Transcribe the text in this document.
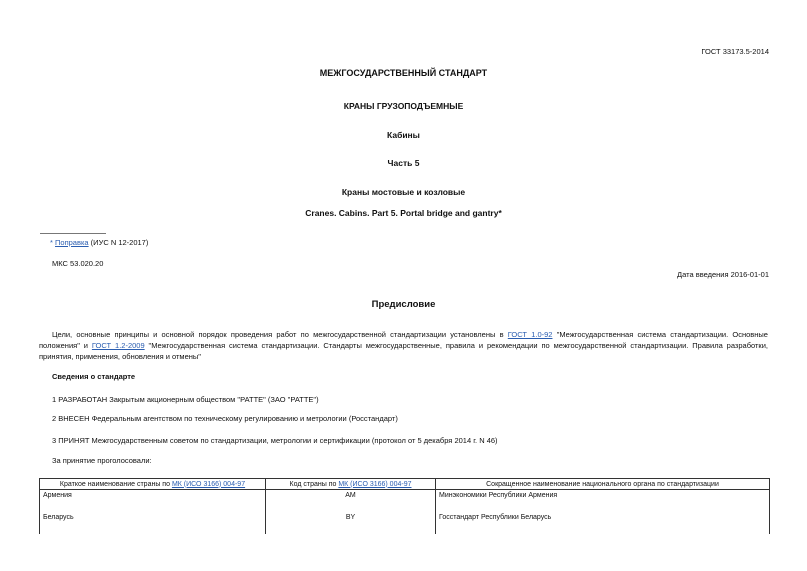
ГОСТ 33173.5-2014
МЕЖГОСУДАРСТВЕННЫЙ СТАНДАРТ
КРАНЫ ГРУЗОПОДЪЕМНЫЕ
Кабины
Часть 5
Краны мостовые и козловые
Cranes. Cabins. Part 5. Portal bridge and gantry*
* Поправка (ИУС N 12-2017)
МКС 53.020.20
Дата введения 2016-01-01
Предисловие
Цели, основные принципы и основной порядок проведения работ по межгосударственной стандартизации установлены в ГОСТ 1.0-92 "Межгосударственная система стандартизации. Основные положения" и ГОСТ 1.2-2009 "Межгосударственная система стандартизации. Стандарты межгосударственные, правила и рекомендации по межгосударственной стандартизации. Правила разработки, принятия, применения, обновления и отмены"
Сведения о стандарте
1 РАЗРАБОТАН Закрытым акционерным обществом "РАТТЕ" (ЗАО "РАТТЕ")
2 ВНЕСЕН Федеральным агентством по техническому регулированию и метрологии (Росстандарт)
3 ПРИНЯТ Межгосударственным советом по стандартизации, метрологии и сертификации (протокол от 5 декабря 2014 г. N 46)
За принятие проголосовали:
Краткое наименование страны по МК (ИСО 3166) 004-97	Код страны по МК (ИСО 3166) 004-97	Сокращенное наименование национального органа по стандартизации
Армения	AM	Минэкономики Республики Армения
Беларусь	BY	Госстандарт Республики Беларусь
